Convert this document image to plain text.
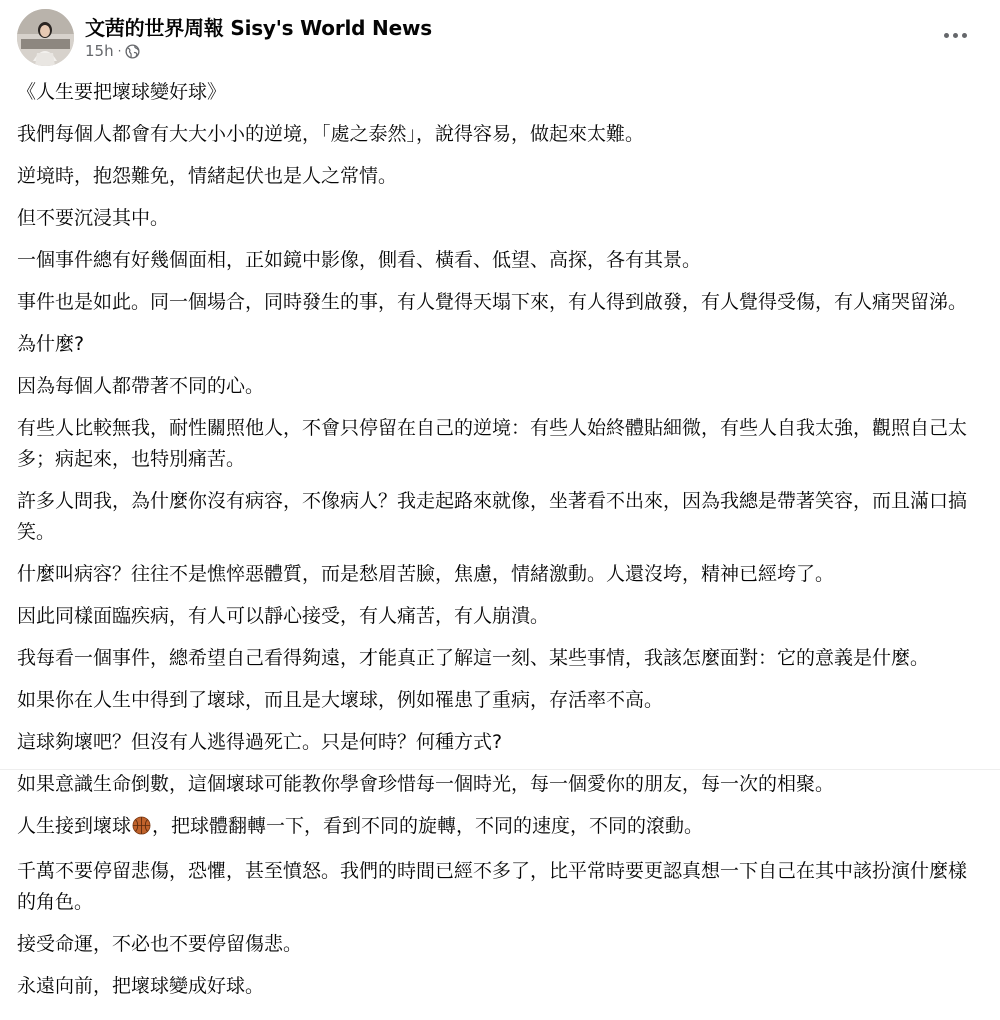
文茜的世界周報 Sisy's World News
15h ·
《人生要把壞球變好球》
我們每個人都會有大大小小的逆境，「處之泰然」，說得容易，做起來太難。
逆境時，抱怨難免，情緒起伏也是人之常情。
但不要沉浸其中。
一個事件總有好幾個面相，正如鏡中影像，側看、橫看、低望、高探，各有其景。
事件也是如此。同一個場合，同時發生的事，有人覺得天塌下來，有人得到啟發，有人覺得受傷，有人痛哭留涕。
為什麼?
因為每個人都帶著不同的心。
有些人比較無我，耐性關照他人，不會只停留在自己的逆境：有些人始終體貼細微，有些人自我太強，觀照自己太多；病起來，也特別痛苦。
許多人問我，為什麼你沒有病容，不像病人？我走起路來就像，坐著看不出來，因為我總是帶著笑容，而且滿口搞笑。
什麼叫病容？往往不是憔悴惡體質，而是愁眉苦臉，焦慮，情緒激動。人還沒垮，精神已經垮了。
因此同樣面臨疾病，有人可以靜心接受，有人痛苦，有人崩潰。
我每看一個事件，總希望自己看得夠遠，才能真正了解這一刻、某些事情，我該怎麼面對：它的意義是什麼。
如果你在人生中得到了壞球，而且是大壞球，例如罹患了重病，存活率不高。
這球夠壞吧？但沒有人逃得過死亡。只是何時？何種方式?
如果意識生命倒數，這個壞球可能教你學會珍惜每一個時光，每一個愛你的朋友，每一次的相聚。
人生接到壞球 ，把球體翻轉一下，看到不同的旋轉，不同的速度，不同的滾動。
千萬不要停留悲傷，恐懼，甚至憤怒。我們的時間已經不多了，比平常時要更認真想一下自己在其中該扮演什麼樣的角色。
接受命運，不必也不要停留傷悲。
永遠向前，把壞球變成好球。
